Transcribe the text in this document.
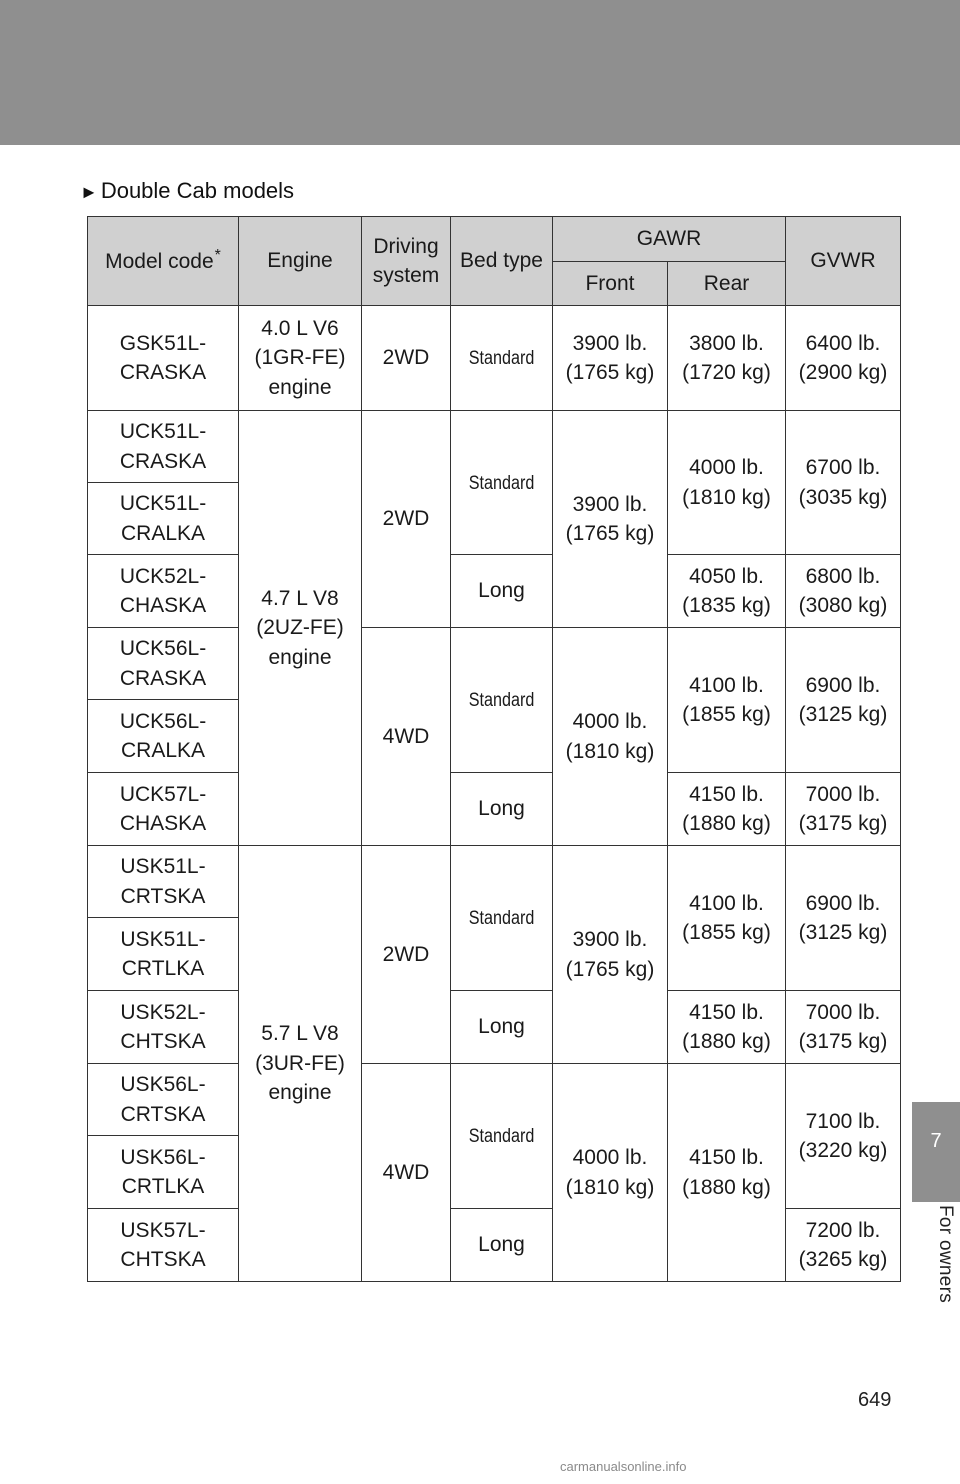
► Double Cab models
Model code*	Engine	Driving system	Bed type	GAWR		GVWR
				Front	Rear	
GSK51L-CRASKA	4.0 L V6 (1GR-FE) engine	2WD	Standard	3900 lb. (1765 kg)	3800 lb. (1720 kg)	6400 lb. (2900 kg)
UCK51L-CRASKA	4.7 L V8 (2UZ-FE) engine	2WD	Standard	3900 lb. (1765 kg)	4000 lb. (1810 kg)	6700 lb. (3035 kg)
UCK51L-CRALKA						
UCK52L-CHASKA			Long		4050 lb. (1835 kg)	6800 lb. (3080 kg)
UCK56L-CRASKA		4WD	Standard	4000 lb. (1810 kg)	4100 lb. (1855 kg)	6900 lb. (3125 kg)
UCK56L-CRALKA						
UCK57L-CHASKA			Long		4150 lb. (1880 kg)	7000 lb. (3175 kg)
USK51L-CRTSKA	5.7 L V8 (3UR-FE) engine	2WD	Standard	3900 lb. (1765 kg)	4100 lb. (1855 kg)	6900 lb. (3125 kg)
USK51L-CRTLKA						
USK52L-CHTSKA			Long		4150 lb. (1880 kg)	7000 lb. (3175 kg)
USK56L-CRTSKA		4WD	Standard	4000 lb. (1810 kg)	4150 lb. (1880 kg)	7100 lb. (3220 kg)
USK56L-CRTLKA						
USK57L-CHTSKA			Long			7200 lb. (3265 kg)
7
For owners
649
carmanualsonline.info
